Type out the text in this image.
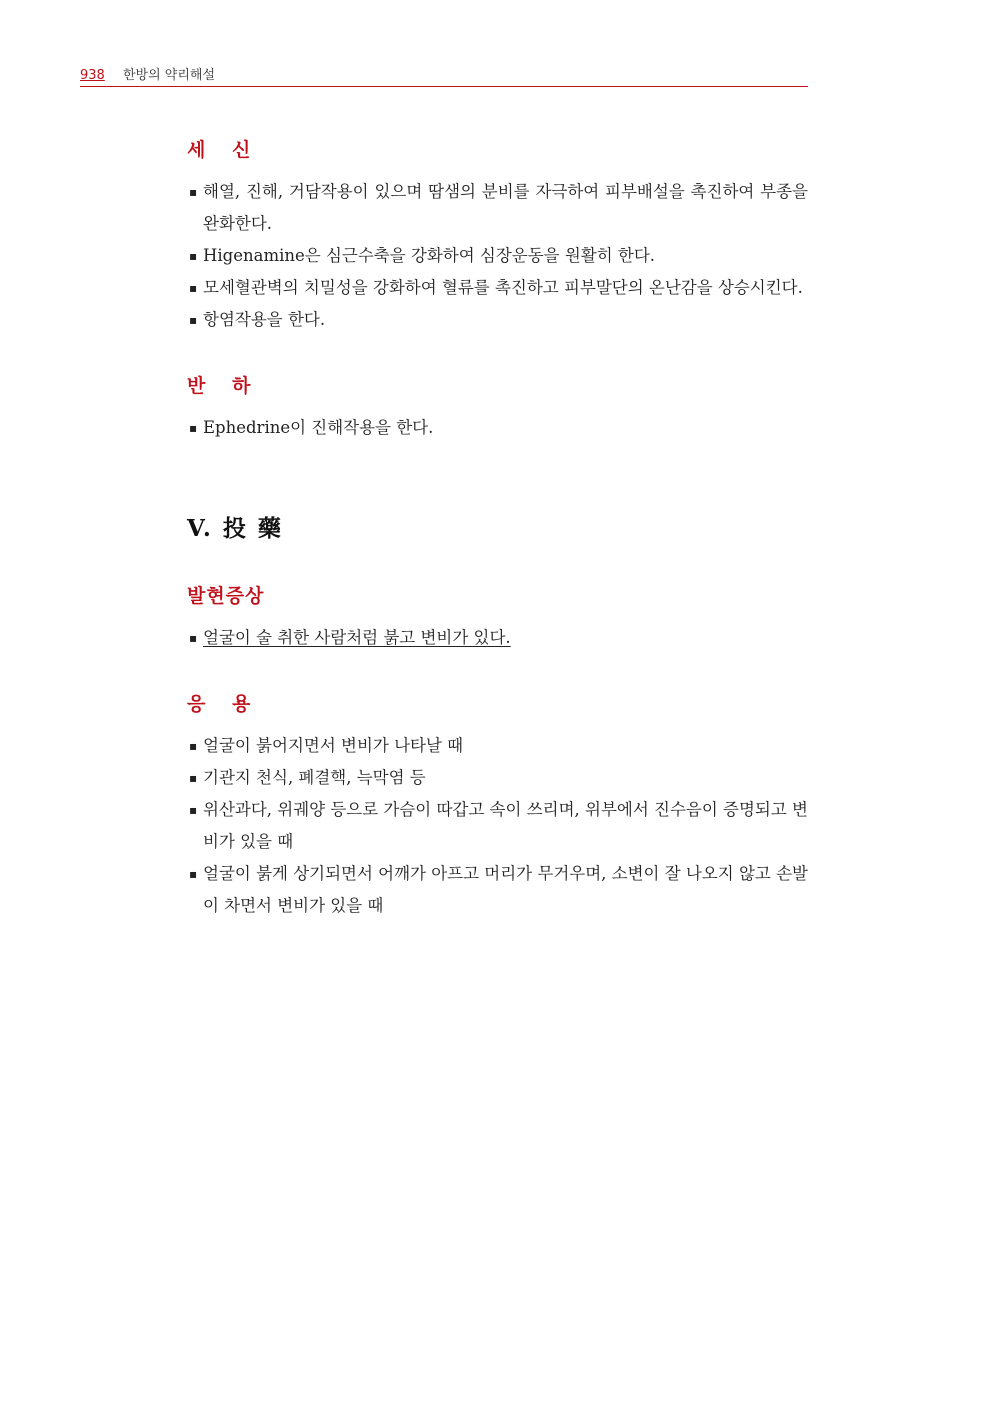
938 한방의 약리해설
세 신
▪ 해열, 진해, 거담작용이 있으며 땀샘의 분비를 자극하여 피부배설을 촉진하여 부종을 완화한다.
▪ Higenamine은 심근수축을 강화하여 심장운동을 원활히 한다.
▪ 모세혈관벽의 치밀성을 강화하여 혈류를 촉진하고 피부말단의 온난감을 상승시킨다.
▪ 항염작용을 한다.
반 하
▪ Ephedrine이 진해작용을 한다.
V. 投 藥
발현증상
▪ 얼굴이 술 취한 사람처럼 붉고 변비가 있다.
응 용
▪ 얼굴이 붉어지면서 변비가 나타날 때
▪ 기관지 천식, 폐결핵, 늑막염 등
▪ 위산과다, 위궤양 등으로 가슴이 따갑고 속이 쓰리며, 위부에서 진수음이 증명되고 변비가 있을 때
▪ 얼굴이 붉게 상기되면서 어깨가 아프고 머리가 무거우며, 소변이 잘 나오지 않고 손발이 차면서 변비가 있을 때
